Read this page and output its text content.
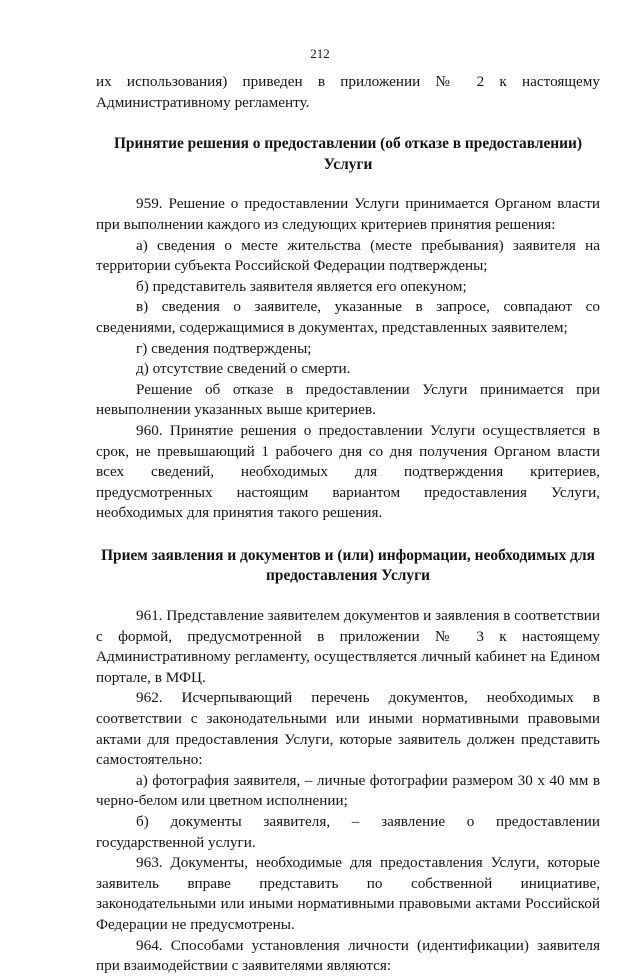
212

их использования) приведен в приложении № 2 к настоящему Административному регламенту.

Принятие решения о предоставлении (об отказе в предоставлении) Услуги

959. Решение о предоставлении Услуги принимается Органом власти при выполнении каждого из следующих критериев принятия решения:

а) сведения о месте жительства (месте пребывания) заявителя на территории субъекта Российской Федерации подтверждены;

б) представитель заявителя является его опекуном;

в) сведения о заявителе, указанные в запросе, совпадают со сведениями, содержащимися в документах, представленных заявителем;

г) сведения подтверждены;

д) отсутствие сведений о смерти.

Решение об отказе в предоставлении Услуги принимается при невыполнении указанных выше критериев.

960. Принятие решения о предоставлении Услуги осуществляется в срок, не превышающий 1 рабочего дня со дня получения Органом власти всех сведений, необходимых для подтверждения критериев, предусмотренных настоящим вариантом предоставления Услуги, необходимых для принятия такого решения.

Прием заявления и документов и (или) информации, необходимых для предоставления Услуги

961. Представление заявителем документов и заявления в соответствии с формой, предусмотренной в приложении № 3 к настоящему Административному регламенту, осуществляется личный кабинет на Едином портале, в МФЦ.

962. Исчерпывающий перечень документов, необходимых в соответствии с законодательными или иными нормативными правовыми актами для предоставления Услуги, которые заявитель должен представить самостоятельно:

а) фотография заявителя, – личные фотографии размером 30 х 40 мм в черно-белом или цветном исполнении;

б) документы заявителя, – заявление о предоставлении государственной услуги.

963. Документы, необходимые для предоставления Услуги, которые заявитель вправе представить по собственной инициативе, законодательными или иными нормативными правовыми актами Российской Федерации не предусмотрены.

964. Способами установления личности (идентификации) заявителя при взаимодействии с заявителями являются:
